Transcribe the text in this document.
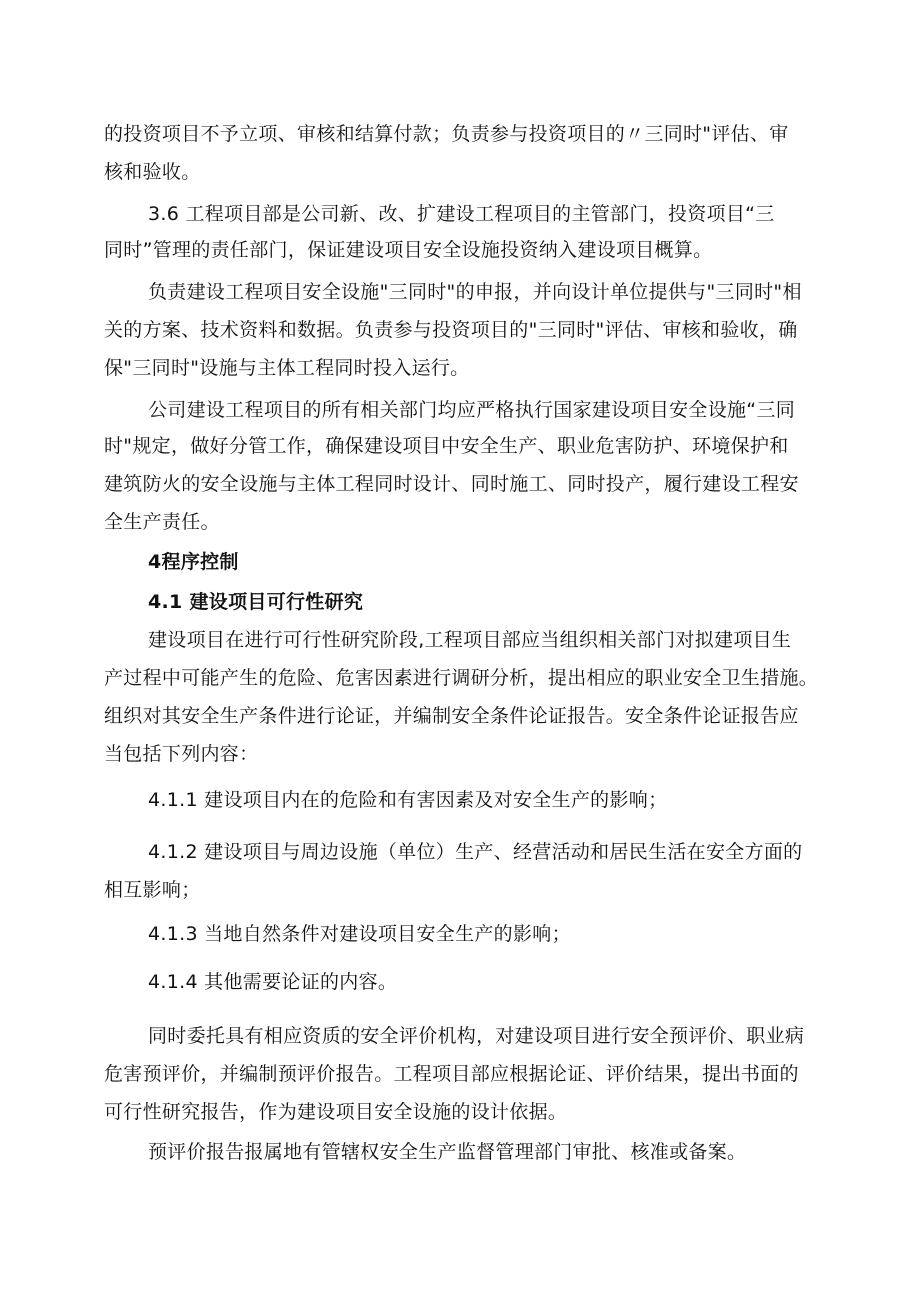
的投资项目不予立项、审核和结算付款；负责参与投资项目的〃三同时"评估、审
核和验收。
3.6 工程项目部是公司新、改、扩建设工程项目的主管部门，投资项目“三
同时”管理的责任部门，保证建设项目安全设施投资纳入建设项目概算。
负责建设工程项目安全设施"三同时"的申报，并向设计单位提供与"三同时"相
关的方案、技术资料和数据。负责参与投资项目的"三同时"评估、审核和验收，确
保"三同时"设施与主体工程同时投入运行。
公司建设工程项目的所有相关部门均应严格执行国家建设项目安全设施“三同
时"规定，做好分管工作，确保建设项目中安全生产、职业危害防护、环境保护和
建筑防火的安全设施与主体工程同时设计、同时施工、同时投产，履行建设工程安
全生产责任。
4程序控制
4.1 建设项目可行性研究
建设项目在进行可行性研究阶段,工程项目部应当组织相关部门对拟建项目生
产过程中可能产生的危险、危害因素进行调研分析，提出相应的职业安全卫生措施。
组织对其安全生产条件进行论证，并编制安全条件论证报告。安全条件论证报告应
当包括下列内容：
4.1.1 建设项目内在的危险和有害因素及对安全生产的影响；
4.1.2 建设项目与周边设施（单位）生产、经营活动和居民生活在安全方面的
相互影响；
4.1.3 当地自然条件对建设项目安全生产的影响；
4.1.4 其他需要论证的内容。
同时委托具有相应资质的安全评价机构，对建设项目进行安全预评价、职业病
危害预评价，并编制预评价报告。工程项目部应根据论证、评价结果，提出书面的
可行性研究报告，作为建设项目安全设施的设计依据。
预评价报告报属地有管辖权安全生产监督管理部门审批、核准或备案。
